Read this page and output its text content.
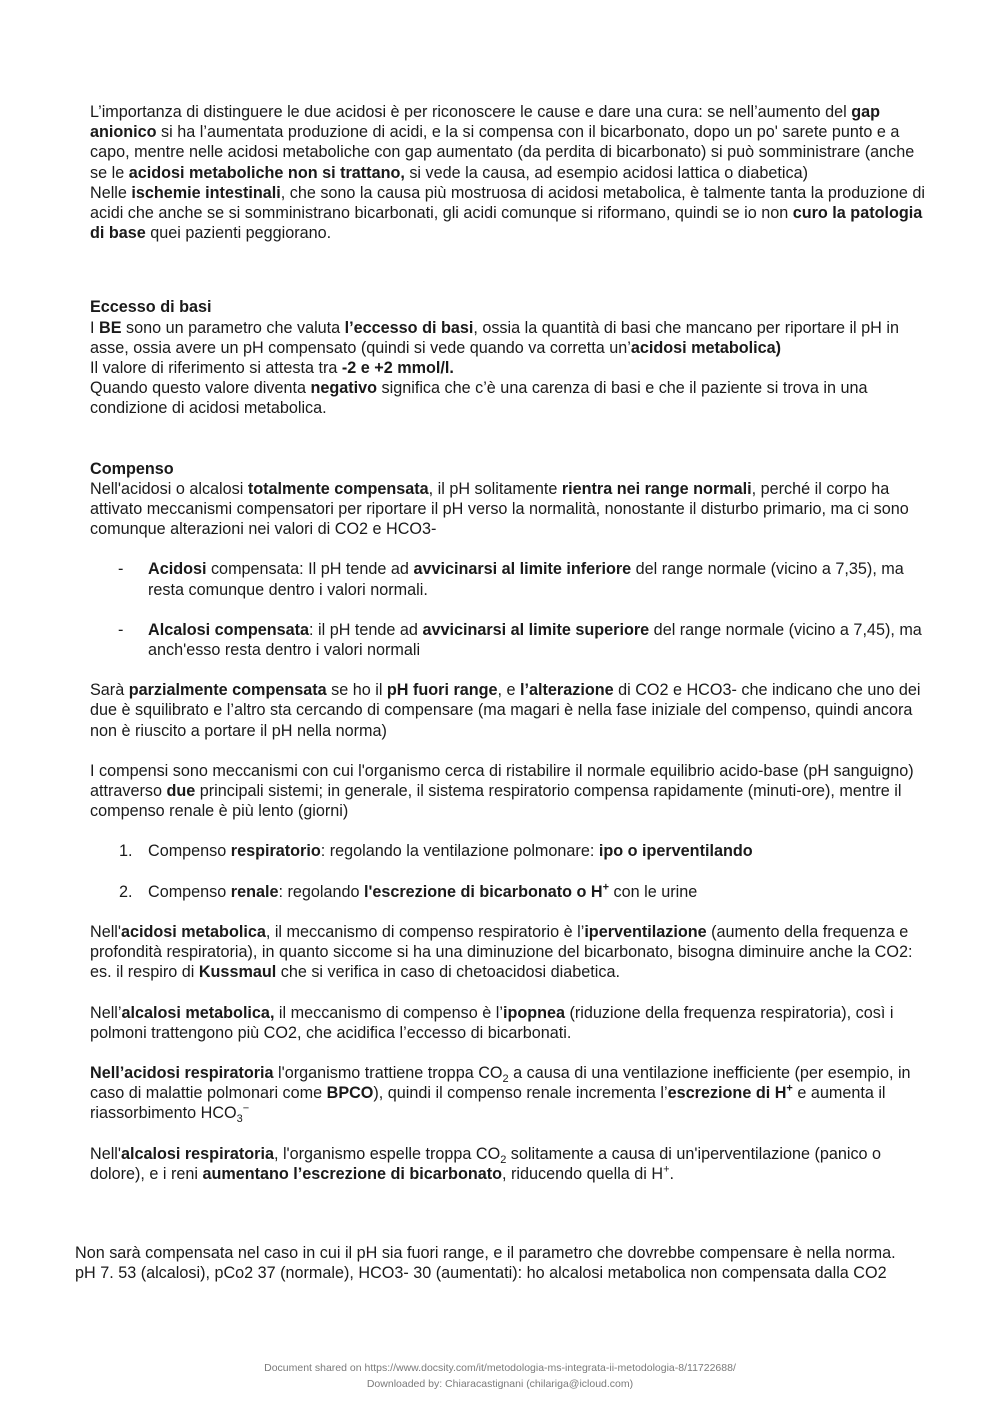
L’importanza di distinguere le due acidosi è per riconoscere le cause e dare una cura: se nell’aumento del gap anionico si ha l’aumentata produzione di acidi, e la si compensa con il bicarbonato, dopo un po' sarete punto e a capo, mentre nelle acidosi metaboliche con gap aumentato (da perdita di bicarbonato) si può somministrare (anche se le acidosi metaboliche non si trattano, si vede la causa, ad esempio acidosi lattica o diabetica)

Nelle ischemie intestinali, che sono la causa più mostruosa di acidosi metabolica, è talmente tanta la produzione di acidi che anche se si somministrano bicarbonati, gli acidi comunque si riformano, quindi se io non curo la patologia di base quei pazienti peggiorano.

Eccesso di basi

I BE sono un parametro che valuta l’eccesso di basi, ossia la quantità di basi che mancano per riportare il pH in asse, ossia avere un pH compensato (quindi si vede quando va corretta un’acidosi metabolica)

Il valore di riferimento si attesta tra -2 e +2 mmol/l.

Quando questo valore diventa negativo significa che c’è una carenza di basi e che il paziente si trova in una condizione di acidosi metabolica.

Compenso

Nell'acidosi o alcalosi totalmente compensata, il pH solitamente rientra nei range normali, perché il corpo ha attivato meccanismi compensatori per riportare il pH verso la normalità, nonostante il disturbo primario, ma ci sono comunque alterazioni nei valori di CO2 e HCO3-

- Acidosi compensata: Il pH tende ad avvicinarsi al limite inferiore del range normale (vicino a 7,35), ma resta comunque dentro i valori normali.

- Alcalosi compensata: il pH tende ad avvicinarsi al limite superiore del range normale (vicino a 7,45), ma anch'esso resta dentro i valori normali

Sarà parzialmente compensata se ho il pH fuori range, e l’alterazione di CO2 e HCO3- che indicano che uno dei due è squilibrato e l’altro sta cercando di compensare (ma magari è nella fase iniziale del compenso, quindi ancora non è riuscito a portare il pH nella norma)

I compensi sono meccanismi con cui l'organismo cerca di ristabilire il normale equilibrio acido-base (pH sanguigno) attraverso due principali sistemi; in generale, il sistema respiratorio compensa rapidamente (minuti-ore), mentre il compenso renale è più lento (giorni)

1. Compenso respiratorio: regolando la ventilazione polmonare: ipo o iperventilando

2. Compenso renale: regolando l'escrezione di bicarbonato o H+ con le urine

Nell'acidosi metabolica, il meccanismo di compenso respiratorio è l’iperventilazione (aumento della frequenza e profondità respiratoria), in quanto siccome si ha una diminuzione del bicarbonato, bisogna diminuire anche la CO2: es. il respiro di Kussmaul che si verifica in caso di chetoacidosi diabetica.

Nell’alcalosi metabolica, il meccanismo di compenso è l’ipopnea (riduzione della frequenza respiratoria), così i polmoni trattengono più CO2, che acidifica l’eccesso di bicarbonati.

Nell’acidosi respiratoria l'organismo trattiene troppa $CO_2$ a causa di una ventilazione inefficiente (per esempio, in caso di malattie polmonari come BPCO), quindi il compenso renale incrementa l’escrezione di H+ e aumenta il riassorbimento $HCO_3^-$

Nell'alcalosi respiratoria, l'organismo espelle troppa $CO_2$ solitamente a causa di un'iperventilazione (panico o dolore), e i reni aumentano l’escrezione di bicarbonato, riducendo quella di H+.

Non sarà compensata nel caso in cui il pH sia fuori range, e il parametro che dovrebbe compensare è nella norma.

pH 7. 53 (alcalosi), pCo2 37 (normale), HCO3- 30 (aumentati): ho alcalosi metabolica non compensata dalla CO2

Document shared on https://www.docsity.com/it/metodologia-ms-integrata-ii-metodologia-8/11722688/
Downloaded by: Chiaracastignani (chilariga@icloud.com)
